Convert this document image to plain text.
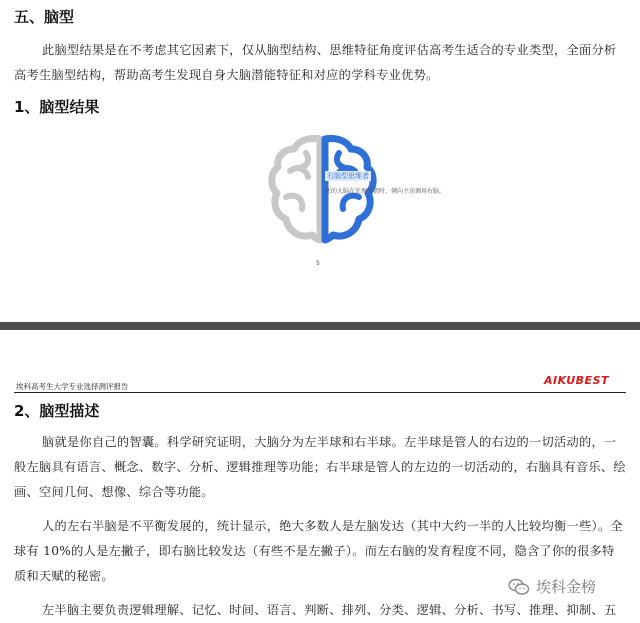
五、脑型
此脑型结果是在不考虑其它因素下，仅从脑型结构、思维特征角度评估高考生适合的专业类型，全面分析高考生脑型结构，帮助高考生发现自身大脑潜能特征和对应的学科专业优势。
1、脑型结果
右脑型思维者
您的大脑在处理事情时，倾向主动调用右脑。
5
埃科高考生大学专业选择测评报告	AIKUBEST
2、脑型描述
脑就是你自己的智囊。科学研究证明，大脑分为左半球和右半球。左半球是管人的右边的一切活动的，一般左脑具有语言、概念、数字、分析、逻辑推理等功能；右半球是管人的左边的一切活动的，右脑具有音乐、绘画、空间几何、想像、综合等功能。
人的左右半脑是不平衡发展的，统计显示，绝大多数人是左脑发达（其中大约一半的人比较均衡一些）。全球有 10%的人是左撇子，即右脑比较发达（有些不是左撇子）。而左右脑的发育程度不同，隐含了你的很多特质和天赋的秘密。
左半脑主要负责逻辑理解、记忆、时间、语言、判断、排列、分类、逻辑、分析、书写、推理、抑制、五
埃科金榜
